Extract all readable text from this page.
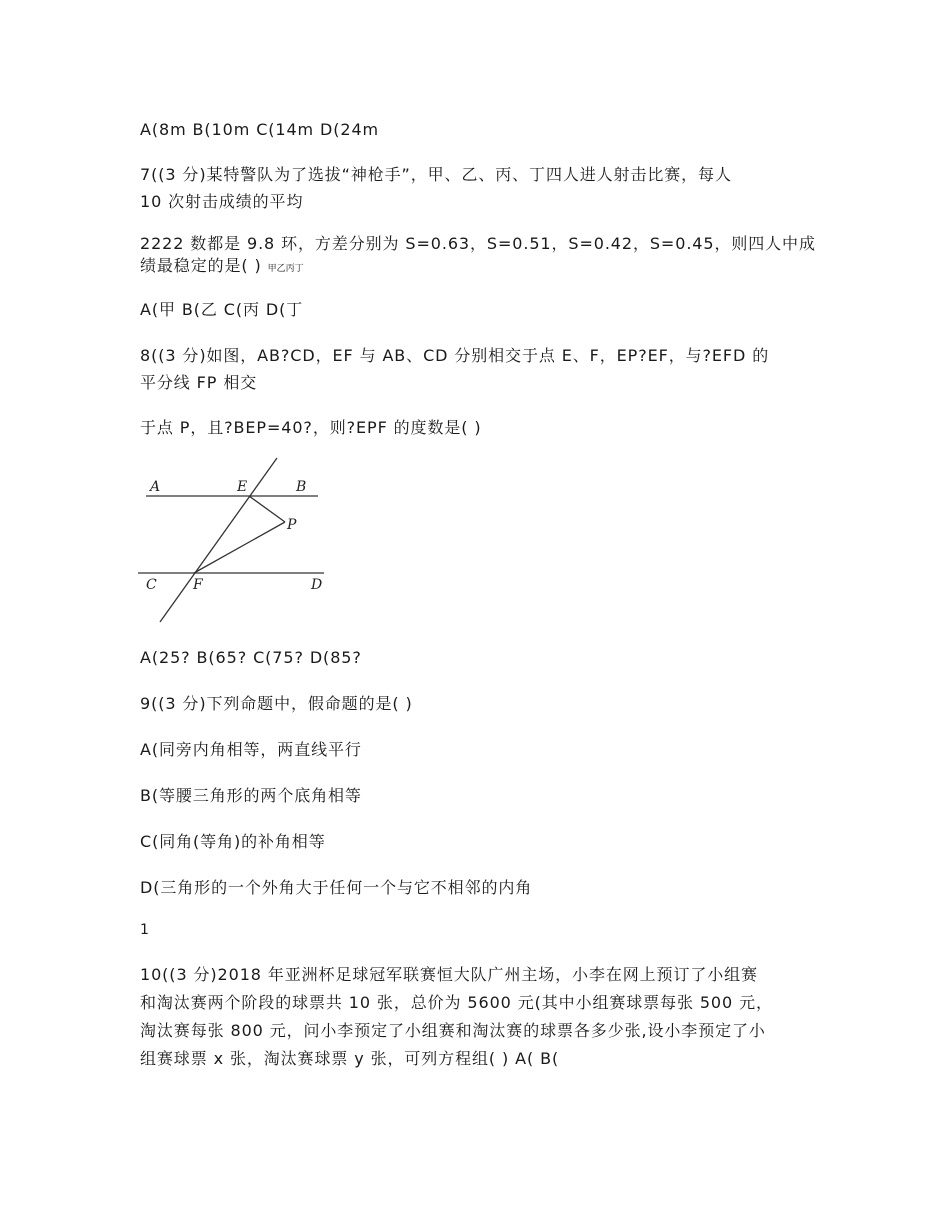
A(8m B(10m C(14m D(24m

7((3 分)某特警队为了选拔“神枪手”，甲、乙、丙、丁四人进人射击比赛，每人

10 次射击成绩的平均

2222 数都是 9.8 环，方差分别为 S=0.63，S=0.51，S=0.42，S=0.45，则四人中成

绩最稳定的是( ) 甲乙丙丁

A(甲 B(乙 C(丙 D(丁

8((3 分)如图，AB?CD，EF 与 AB、CD 分别相交于点 E、F，EP?EF，与?EFD 的

平分线 FP 相交

于点 P，且?BEP=40?，则?EPF 的度数是( )

A	E	B
P
C	F	D

A(25? B(65? C(75? D(85?

9((3 分)下列命题中，假命题的是( )

A(同旁内角相等，两直线平行

B(等腰三角形的两个底角相等

C(同角(等角)的补角相等

D(三角形的一个外角大于任何一个与它不相邻的内角

1

10((3 分)2018 年亚洲杯足球冠军联赛恒大队广州主场，小李在网上预订了小组赛

和淘汰赛两个阶段的球票共 10 张，总价为 5600 元(其中小组赛球票每张 500 元，

淘汰赛每张 800 元，问小李预定了小组赛和淘汰赛的球票各多少张,设小李预定了小

组赛球票 x 张，淘汰赛球票 y 张，可列方程组( ) A( B(
